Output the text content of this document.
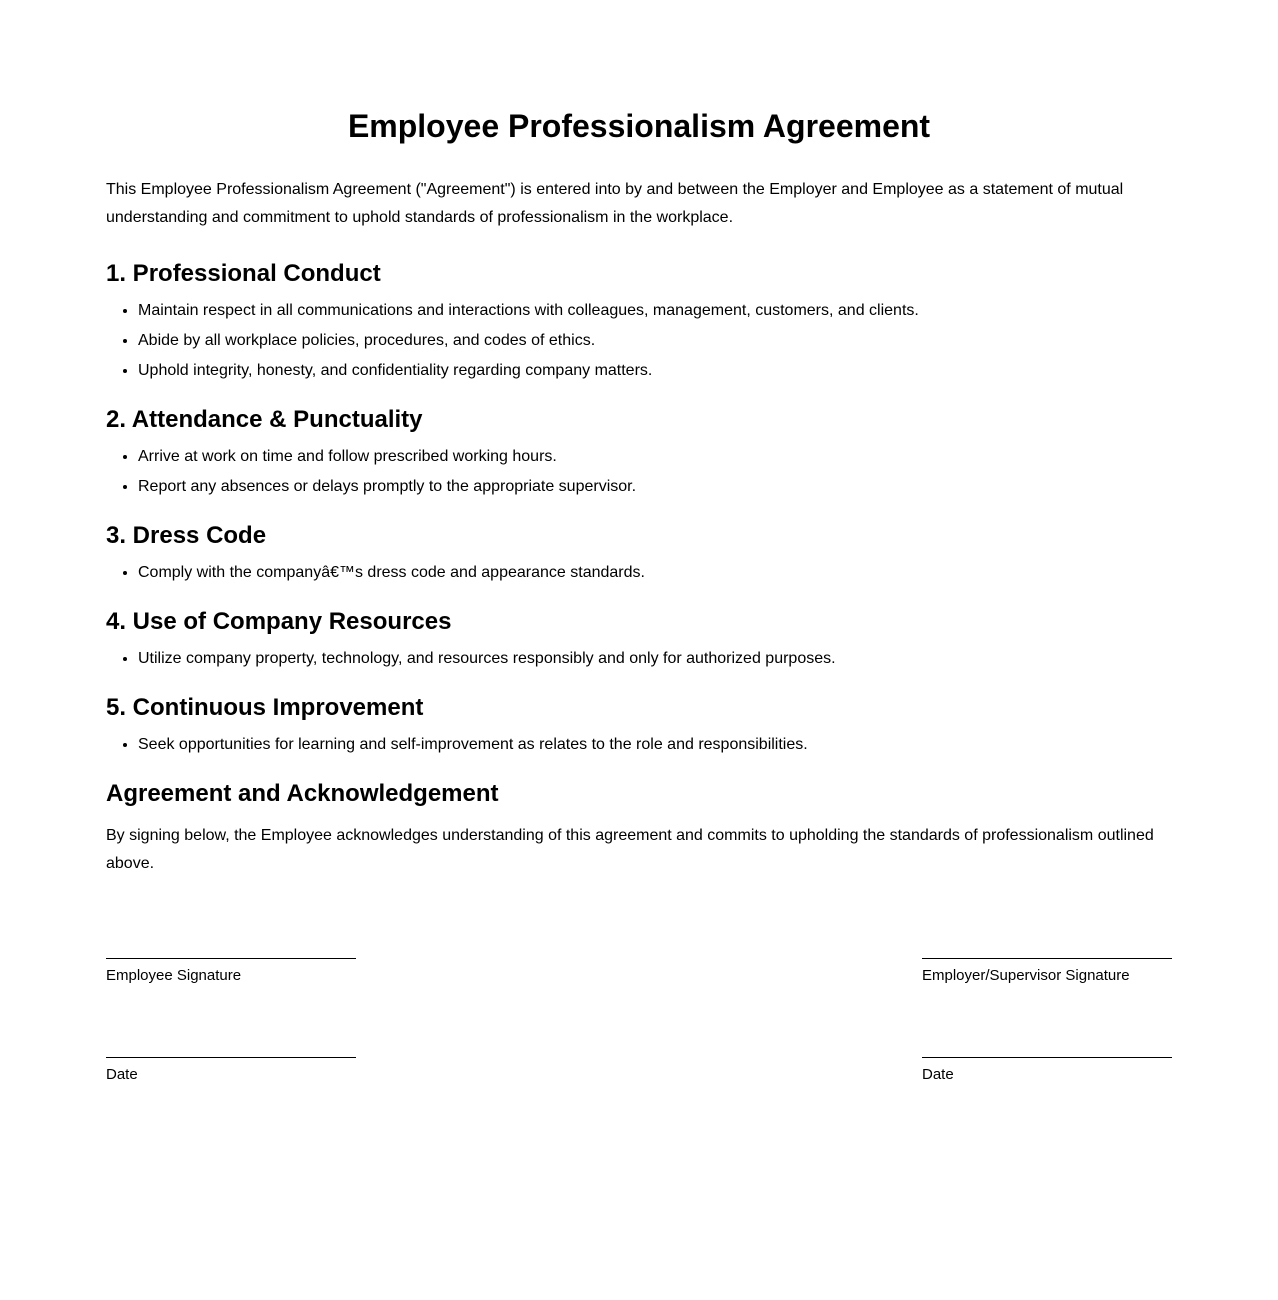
Employee Professionalism Agreement

This Employee Professionalism Agreement ("Agreement") is entered into by and between the Employer and Employee as a statement of mutual understanding and commitment to uphold standards of professionalism in the workplace.

1. Professional Conduct
• Maintain respect in all communications and interactions with colleagues, management, customers, and clients.
• Abide by all workplace policies, procedures, and codes of ethics.
• Uphold integrity, honesty, and confidentiality regarding company matters.
2. Attendance & Punctuality
• Arrive at work on time and follow prescribed working hours.
• Report any absences or delays promptly to the appropriate supervisor.
3. Dress Code
• Comply with the companyâ€™s dress code and appearance standards.
4. Use of Company Resources
• Utilize company property, technology, and resources responsibly and only for authorized purposes.
5. Continuous Improvement
• Seek opportunities for learning and self-improvement as relates to the role and responsibilities.
Agreement and Acknowledgement

By signing below, the Employee acknowledges understanding of this agreement and commits to upholding the standards of professionalism outlined above.

Employee Signature	Employer/Supervisor Signature
Date	Date
